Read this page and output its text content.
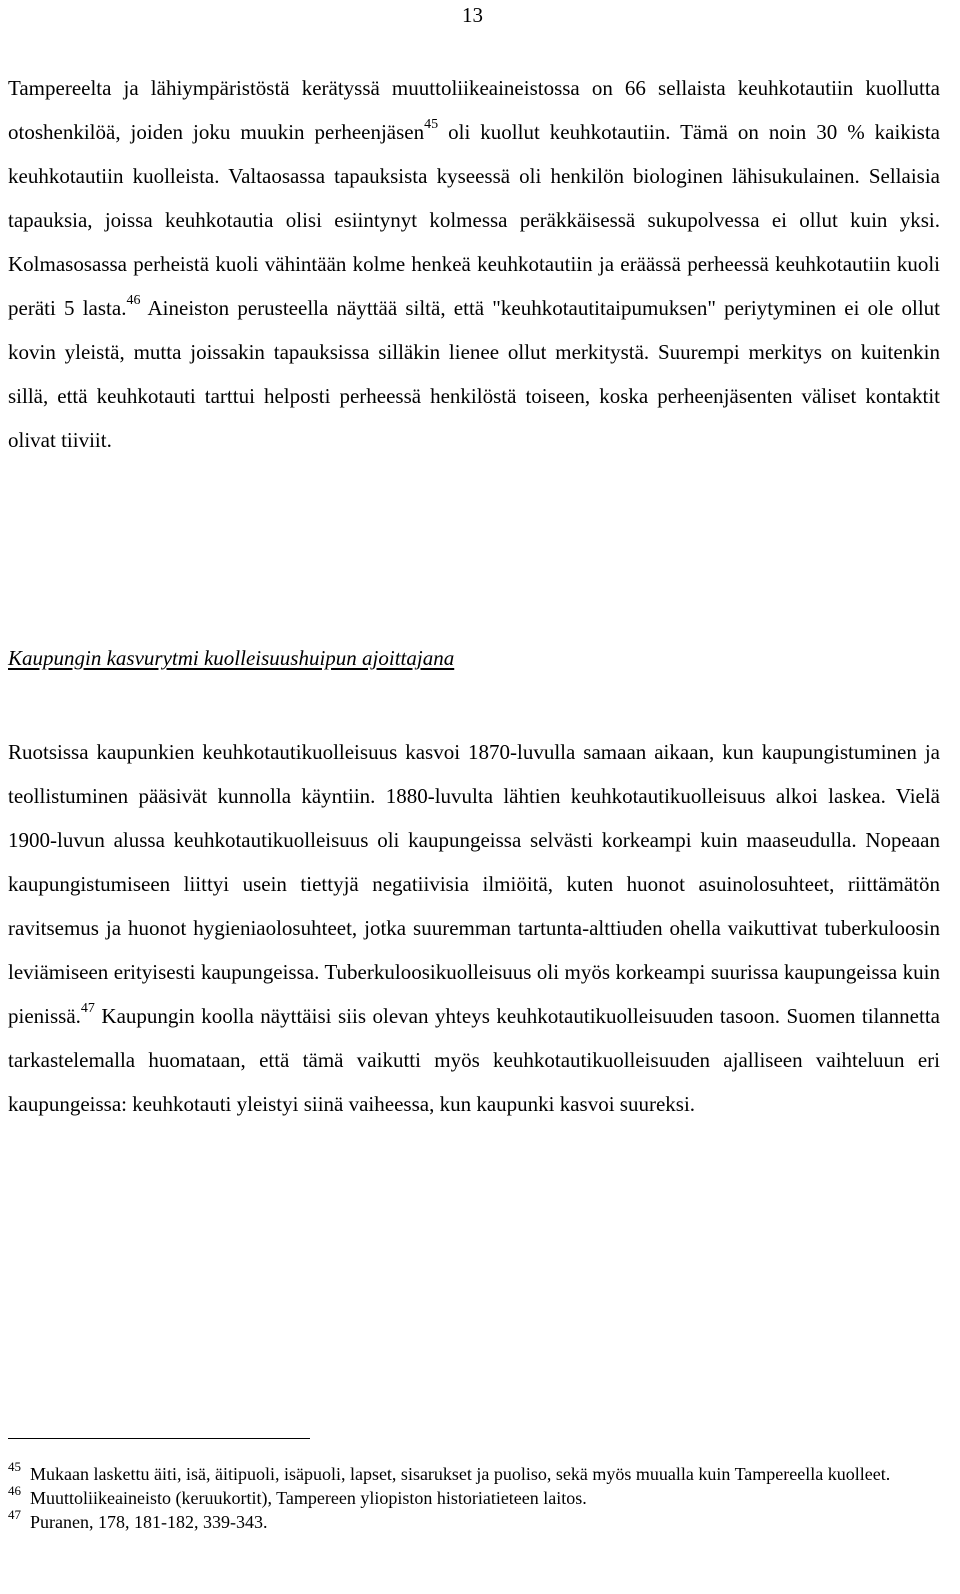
13

Tampereelta ja lähiympäristöstä kerätyssä muuttoliikeaineistossa on 66 sellaista keuhkotautiin kuollutta otoshenkilöä, joiden joku muukin perheenjäsen$^{45}$ oli kuollut keuhkotautiin. Tämä on noin 30 % kaikista keuhkotautiin kuolleista. Valtaosassa tapauksista kyseessä oli henkilön biologinen lähisukulainen. Sellaisia tapauksia, joissa keuhkotautia olisi esiintynyt kolmessa peräkkäisessä sukupolvessa ei ollut kuin yksi. Kolmasosassa perheistä kuoli vähintään kolme henkeä keuhkotautiin ja eräässä perheessä keuhkotautiin kuoli peräti 5 lasta.$^{46}$ Aineiston perusteella näyttää siltä, että "keuhkotautitaipumuksen" periytyminen ei ole ollut kovin yleistä, mutta joissakin tapauksissa silläkin lienee ollut merkitystä. Suurempi merkitys on kuitenkin sillä, että keuhkotauti tarttui helposti perheessä henkilöstä toiseen, koska perheenjäsenten väliset kontaktit olivat tiiviit.

Kaupungin kasvurytmi kuolleisuushuipun ajoittajana

Ruotsissa kaupunkien keuhkotautikuolleisuus kasvoi 1870-luvulla samaan aikaan, kun kaupungistuminen ja teollistuminen pääsivät kunnolla käyntiin. 1880-luvulta lähtien keuhkotautikuolleisuus alkoi laskea. Vielä 1900-luvun alussa keuhkotautikuolleisuus oli kaupungeissa selvästi korkeampi kuin maaseudulla. Nopeaan kaupungistumiseen liittyi usein tiettyjä negatiivisia ilmiöitä, kuten huonot asuinolosuhteet, riittämätön ravitsemus ja huonot hygieniaolosuhteet, jotka suuremman tartunta-alttiuden ohella vaikuttivat tuberkuloosin leviämiseen erityisesti kaupungeissa. Tuberkuloosikuolleisuus oli myös korkeampi suurissa kaupungeissa kuin pienissä.$^{47}$ Kaupungin koolla näyttäisi siis olevan yhteys keuhkotautikuolleisuuden tasoon. Suomen tilannetta tarkastelemalla huomataan, että tämä vaikutti myös keuhkotautikuolleisuuden ajalliseen vaihteluun eri kaupungeissa: keuhkotauti yleistyi siinä vaiheessa, kun kaupunki kasvoi suureksi.

$^{45}$ Mukaan laskettu äiti, isä, äitipuoli, isäpuoli, lapset, sisarukset ja puoliso, sekä myös muualla kuin Tampereella kuolleet.

$^{46}$ Muuttoliikeaineisto (keruukortit), Tampereen yliopiston historiatieteen laitos.

$^{47}$ Puranen, 178, 181-182, 339-343.
